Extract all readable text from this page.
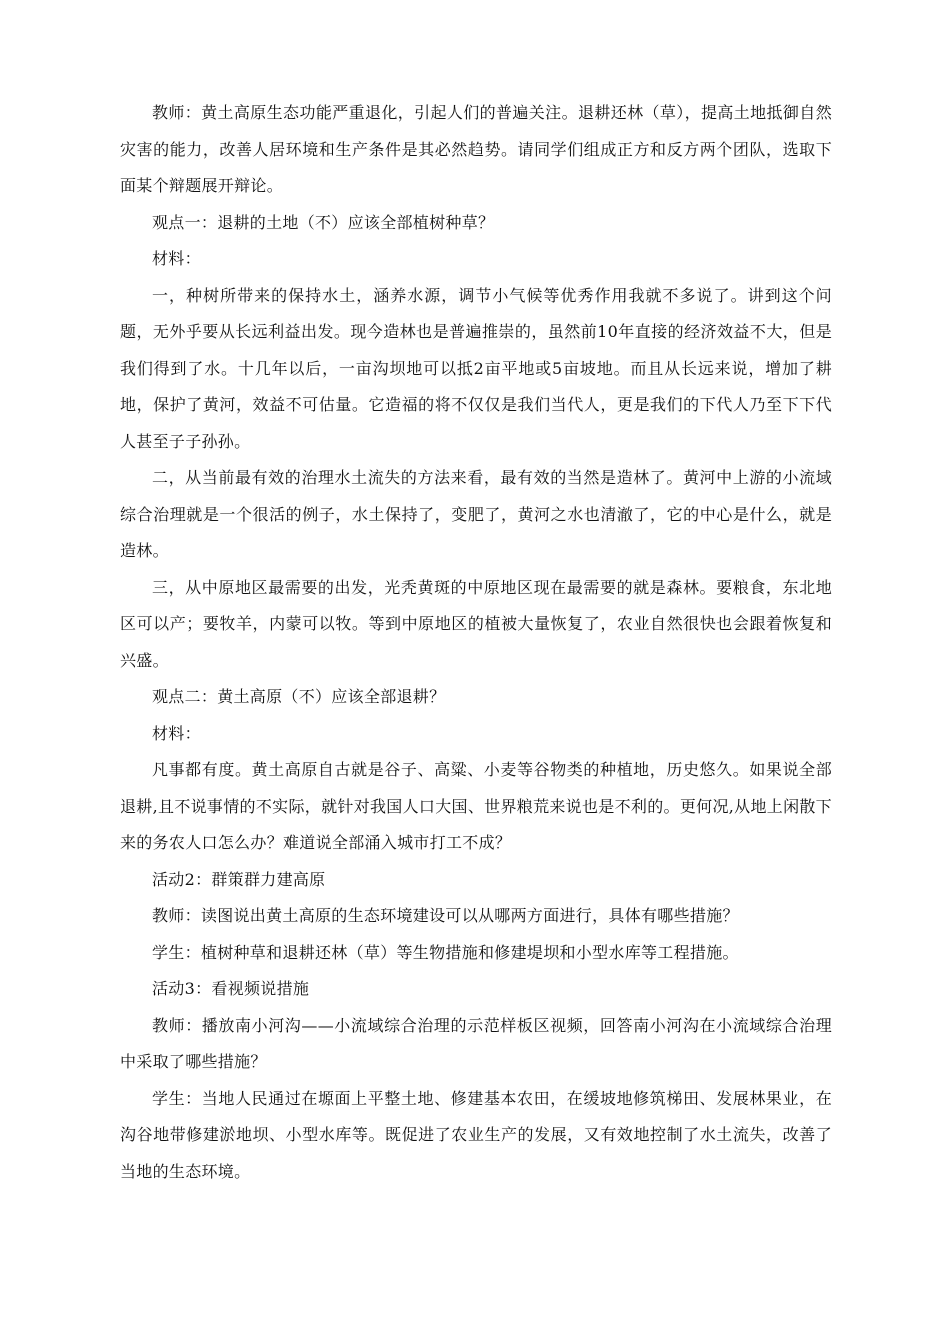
教师：黄土高原生态功能严重退化，引起人们的普遍关注。退耕还林（草），提高土地抵御自然灾害的能力，改善人居环境和生产条件是其必然趋势。请同学们组成正方和反方两个团队，选取下面某个辩题展开辩论。

观点一：退耕的土地（不）应该全部植树种草？

材料：

一，种树所带来的保持水土，涵养水源，调节小气候等优秀作用我就不多说了。讲到这个问题，无外乎要从长远利益出发。现今造林也是普遍推崇的，虽然前10年直接的经济效益不大，但是我们得到了水。十几年以后，一亩沟坝地可以抵2亩平地或5亩坡地。而且从长远来说，增加了耕地，保护了黄河，效益不可估量。它造福的将不仅仅是我们当代人，更是我们的下代人乃至下下代人甚至子子孙孙。

二，从当前最有效的治理水土流失的方法来看，最有效的当然是造林了。黄河中上游的小流域综合治理就是一个很活的例子，水土保持了，变肥了，黄河之水也清澈了，它的中心是什么，就是造林。

三，从中原地区最需要的出发，光秃黄斑的中原地区现在最需要的就是森林。要粮食，东北地区可以产；要牧羊，内蒙可以牧。等到中原地区的植被大量恢复了，农业自然很快也会跟着恢复和兴盛。

观点二：黄土高原（不）应该全部退耕？

材料：

凡事都有度。黄土高原自古就是谷子、高粱、小麦等谷物类的种植地，历史悠久。如果说全部退耕,且不说事情的不实际，就针对我国人口大国、世界粮荒来说也是不利的。更何况,从地上闲散下来的务农人口怎么办？难道说全部涌入城市打工不成？

活动2：群策群力建高原

教师：读图说出黄土高原的生态环境建设可以从哪两方面进行，具体有哪些措施？

学生：植树种草和退耕还林（草）等生物措施和修建堤坝和小型水库等工程措施。

活动3：看视频说措施

教师：播放南小河沟——小流域综合治理的示范样板区视频，回答南小河沟在小流域综合治理中采取了哪些措施？

学生：当地人民通过在塬面上平整土地、修建基本农田，在缓坡地修筑梯田、发展林果业，在沟谷地带修建淤地坝、小型水库等。既促进了农业生产的发展，又有效地控制了水土流失，改善了当地的生态环境。
